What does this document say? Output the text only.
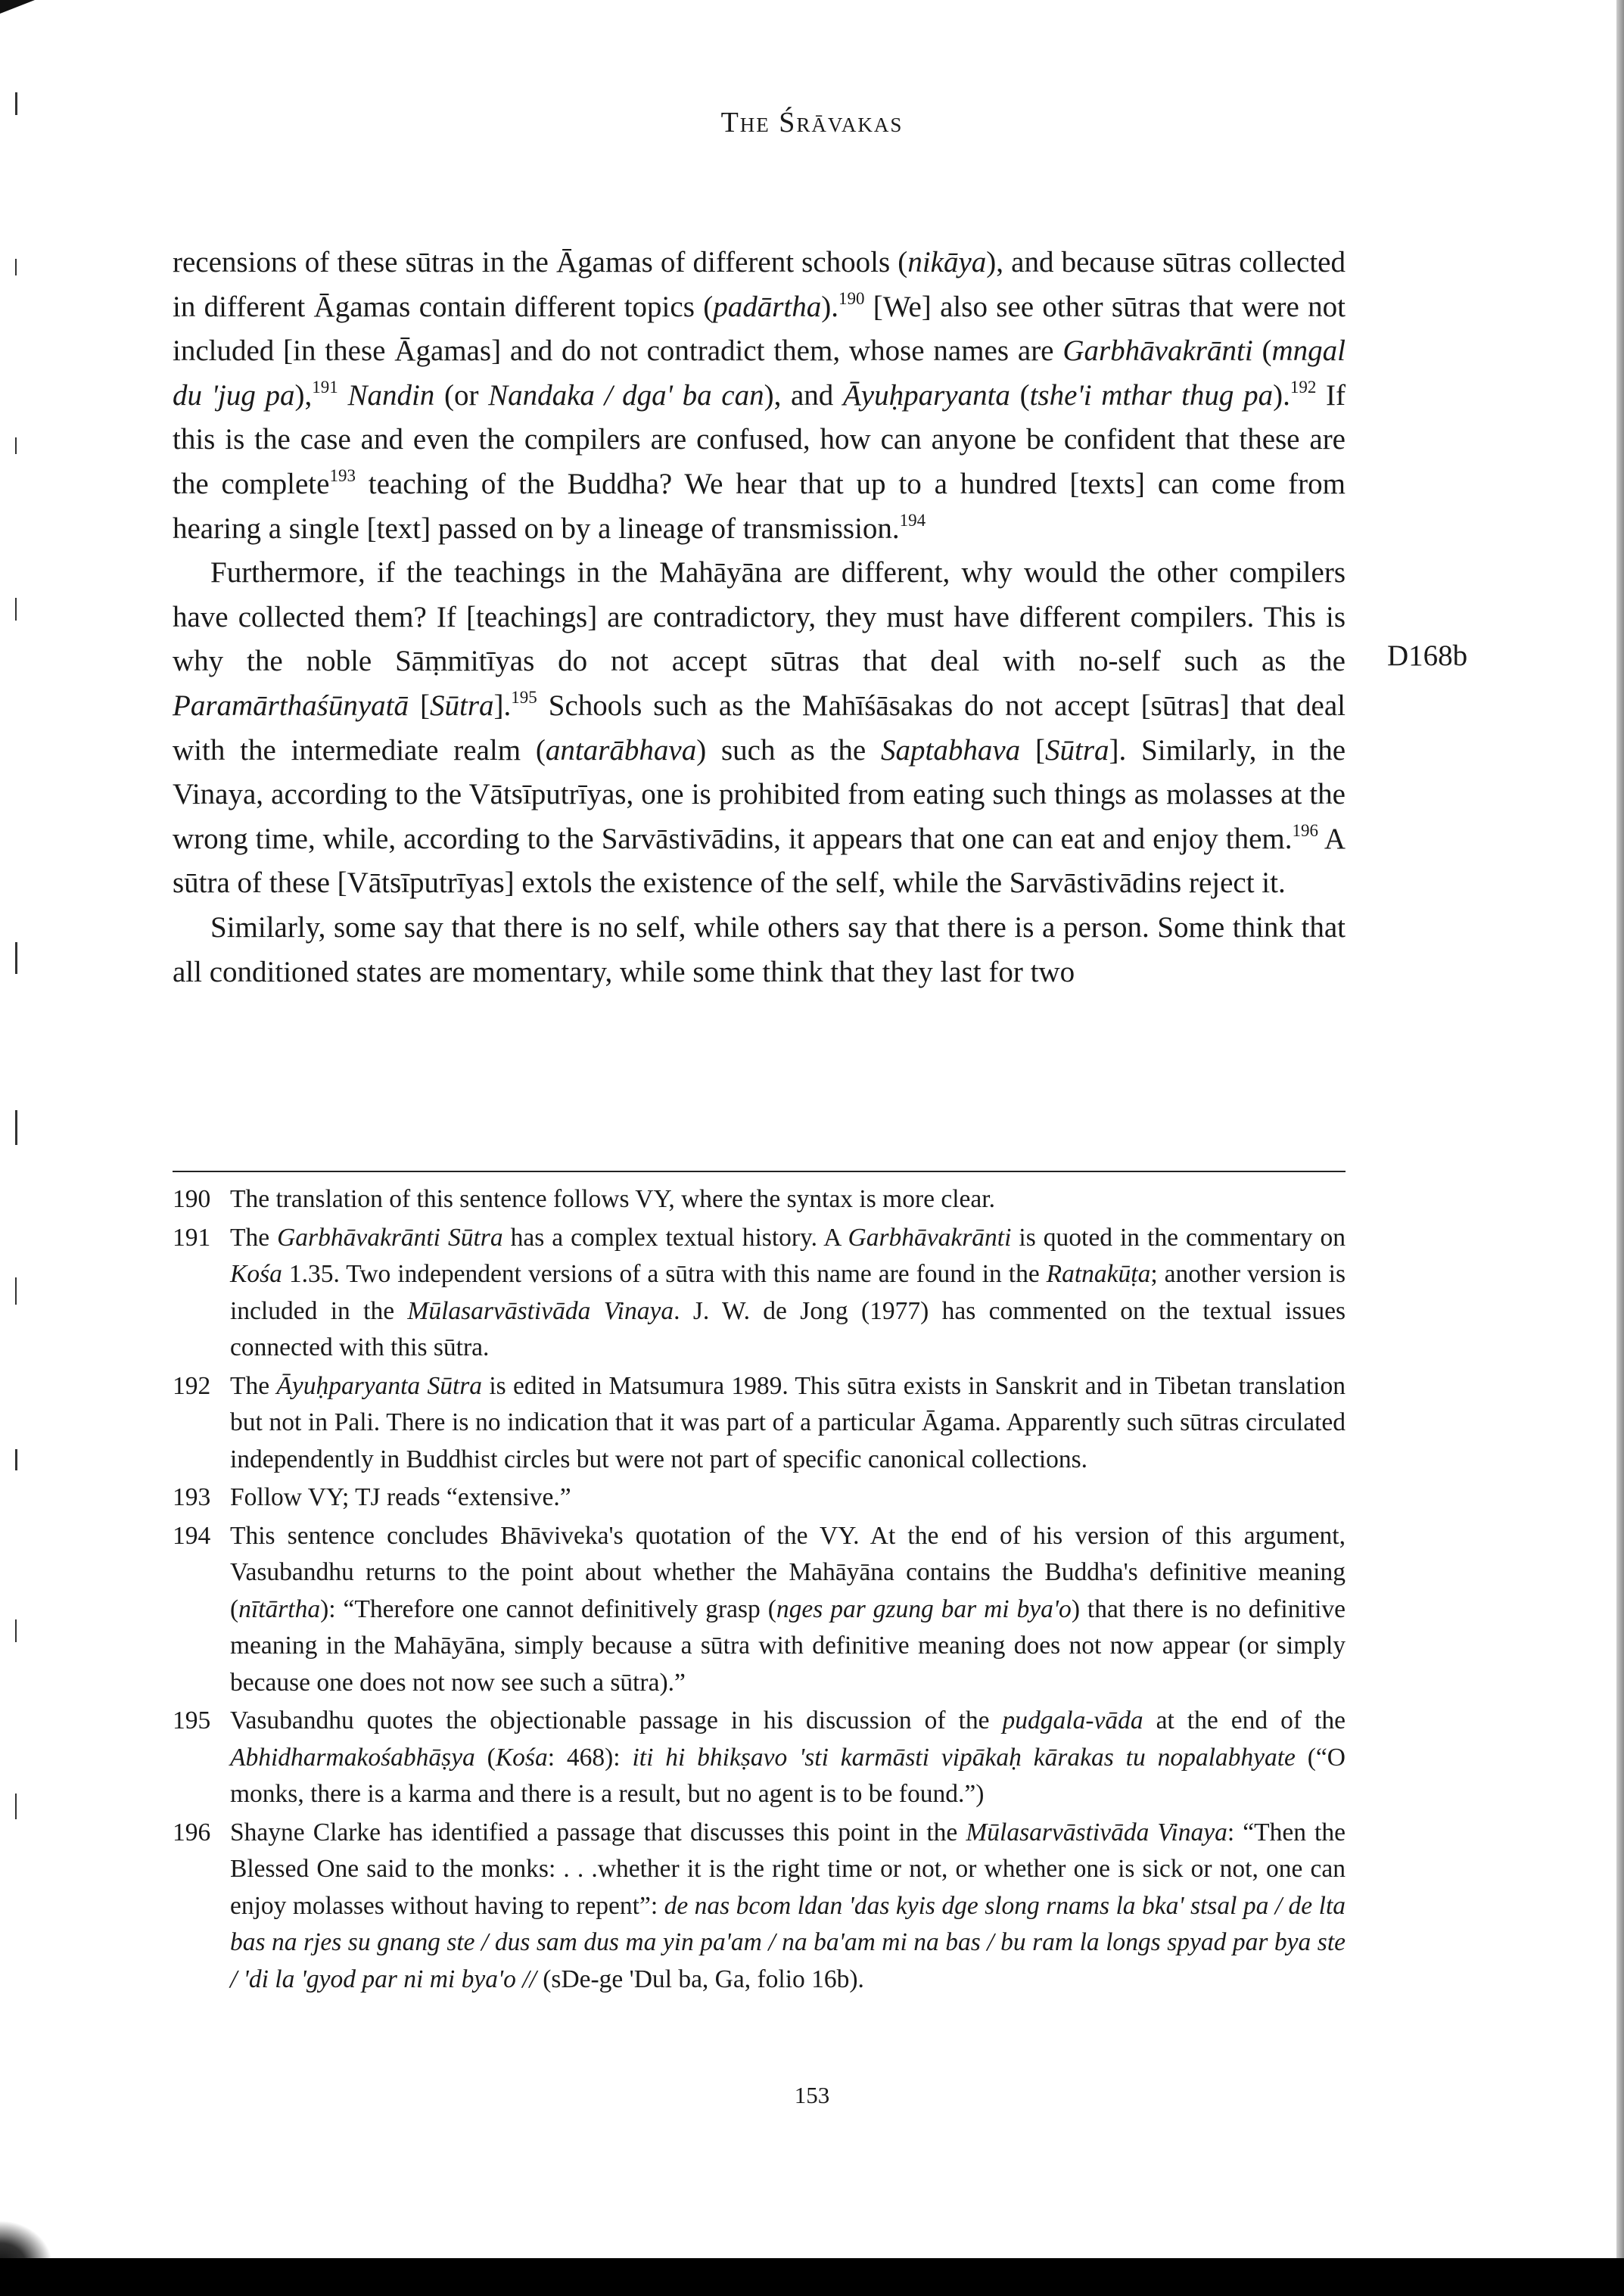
The Śrāvakas

recensions of these sūtras in the Āgamas of different schools (nikāya), and because sūtras collected in different Āgamas contain different topics (padārtha).$^{190}$ [We] also see other sūtras that were not included [in these Āgamas] and do not contradict them, whose names are Garbhāvakrānti (mngal du 'jug pa),$^{191}$ Nandin (or Nandaka / dga' ba can), and Āyuḥparyanta (tshe'i mthar thug pa).$^{192}$ If this is the case and even the compilers are confused, how can anyone be confident that these are the complete$^{193}$ teaching of the Buddha? We hear that up to a hundred [texts] can come from hearing a single [text] passed on by a lineage of transmission.$^{194}$

Furthermore, if the teachings in the Mahāyāna are different, why would the other compilers have collected them? If [teachings] are contradictory, they must have different compilers. This is why the noble Sāṃmitīyas do not accept sūtras that deal with no-self such as the Paramārthaśūnyatā [Sūtra].$^{195}$ Schools such as the Mahīśāsakas do not accept [sūtras] that deal with the intermediate realm (antarābhava) such as the Saptabhava [Sūtra]. Similarly, in the Vinaya, according to the Vātsīputrīyas, one is prohibited from eating such things as molasses at the wrong time, while, according to the Sarvāstivādins, it appears that one can eat and enjoy them.$^{196}$ A sūtra of these [Vātsīputrīyas] extols the existence of the self, while the Sarvāstivādins reject it.

Similarly, some say that there is no self, while others say that there is a person. Some think that all conditioned states are momentary, while some think that they last for two

D168b
190 The translation of this sentence follows VY, where the syntax is more clear.
191 The Garbhāvakrānti Sūtra has a complex textual history. A Garbhāvakrānti is quoted in the commentary on Kośa 1.35. Two independent versions of a sūtra with this name are found in the Ratnakūṭa; another version is included in the Mūlasarvāstivāda Vinaya. J. W. de Jong (1977) has commented on the textual issues connected with this sūtra.
192 The Āyuḥparyanta Sūtra is edited in Matsumura 1989. This sūtra exists in Sanskrit and in Tibetan translation but not in Pali. There is no indication that it was part of a particular Āgama. Apparently such sūtras circulated independently in Buddhist circles but were not part of specific canonical collections.
193 Follow VY; TJ reads “extensive.”
194 This sentence concludes Bhāviveka's quotation of the VY. At the end of his version of this argument, Vasubandhu returns to the point about whether the Mahāyāna contains the Buddha's definitive meaning (nītārtha): “Therefore one cannot definitively grasp (nges par gzung bar mi bya'o) that there is no definitive meaning in the Mahāyāna, simply because a sūtra with definitive meaning does not now appear (or simply because one does not now see such a sūtra).”
195 Vasubandhu quotes the objectionable passage in his discussion of the pudgala-vāda at the end of the Abhidharmakośabhāṣya (Kośa: 468): iti hi bhikṣavo 'sti karmāsti vipākaḥ kārakas tu nopalabhyate (“O monks, there is a karma and there is a result, but no agent is to be found.”)
196 Shayne Clarke has identified a passage that discusses this point in the Mūlasarvāstivāda Vinaya: “Then the Blessed One said to the monks: . . .whether it is the right time or not, or whether one is sick or not, one can enjoy molasses without having to repent”: de nas bcom ldan 'das kyis dge slong rnams la bka' stsal pa / de lta bas na rjes su gnang ste / dus sam dus ma yin pa'am / na ba'am mi na bas / bu ram la longs spyad par bya ste / 'di la 'gyod par ni mi bya'o // (sDe-ge 'Dul ba, Ga, folio 16b).
153
